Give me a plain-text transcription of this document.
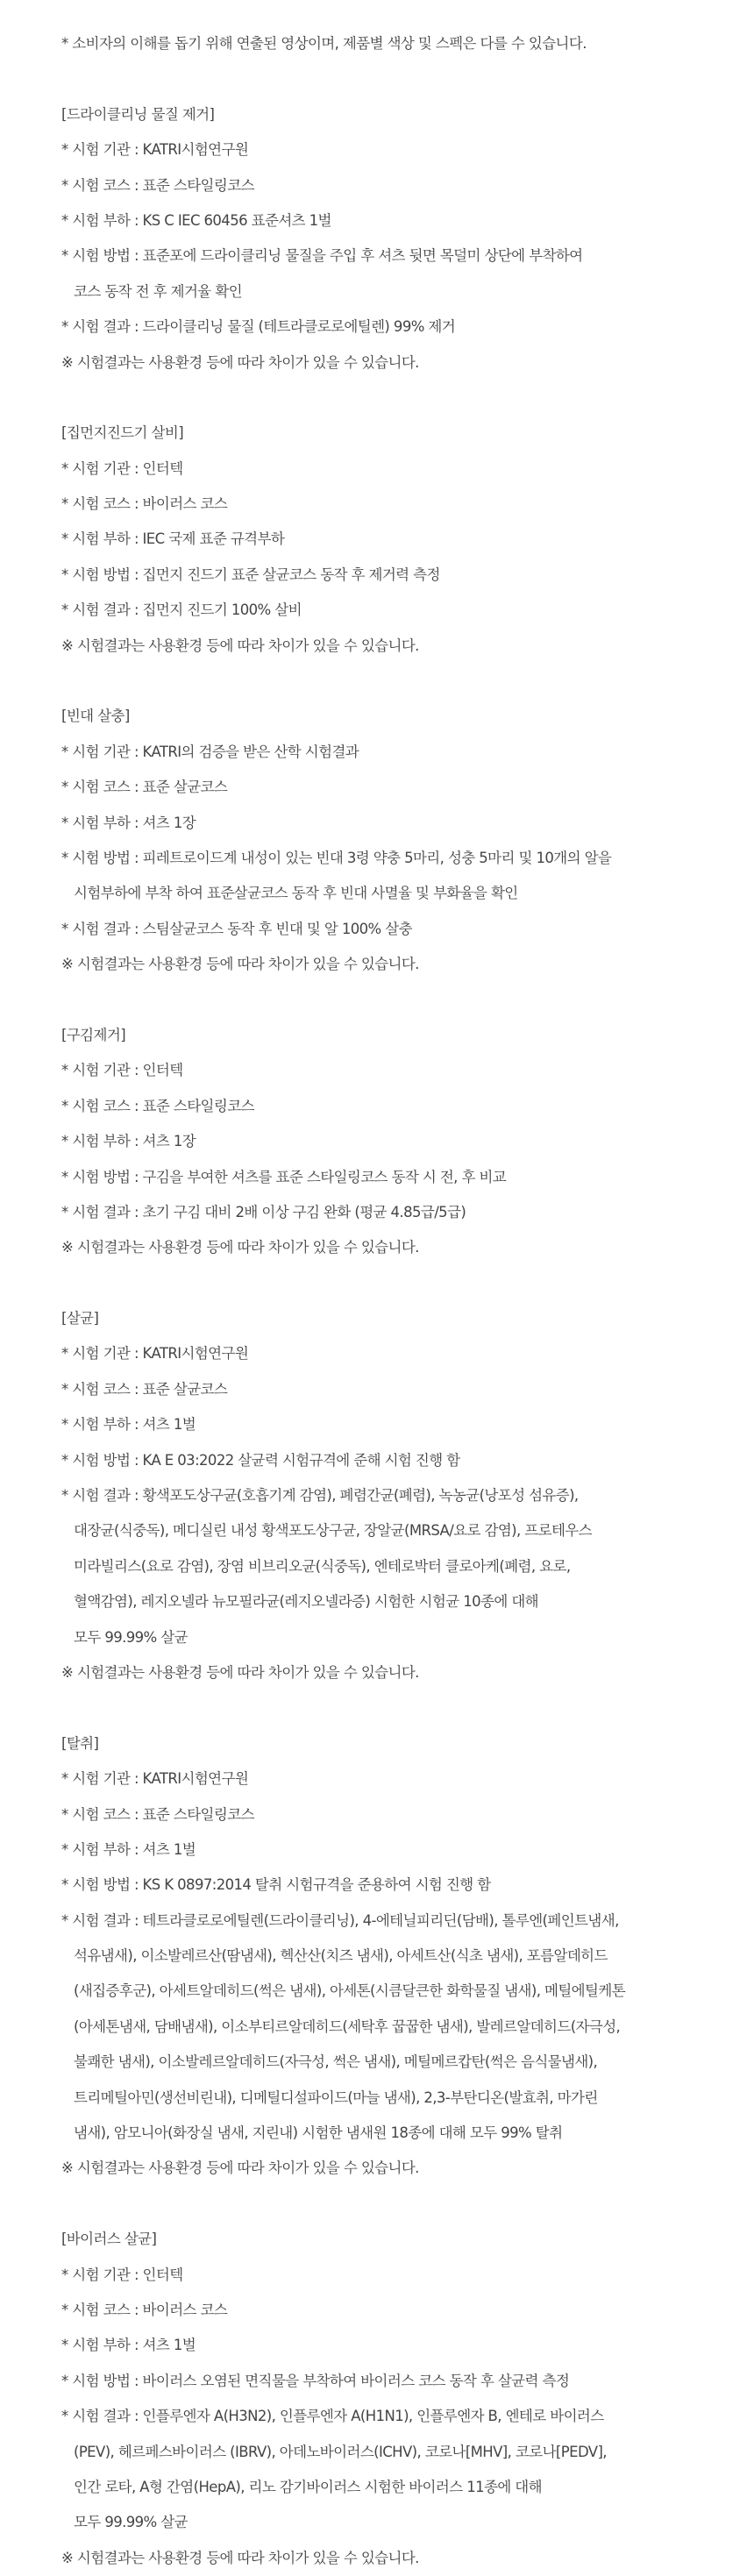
* 소비자의 이해를 돕기 위해 연출된 영상이며, 제품별 색상 및 스펙은 다를 수 있습니다.
[드라이클리닝 물질 제거]
* 시험 기관 : KATRI시험연구원
* 시험 코스 : 표준 스타일링코스
* 시험 부하 : KS C IEC 60456 표준셔츠 1벌
* 시험 방법 : 표준포에 드라이클리닝 물질을 주입 후 셔츠 뒷면 목덜미 상단에 부착하여
코스 동작 전 후 제거율 확인
* 시험 결과 : 드라이클리닝 물질 (테트라클로로에틸렌) 99% 제거
※ 시험결과는 사용환경 등에 따라 차이가 있을 수 있습니다.
[집먼지진드기 살비]
* 시험 기관 : 인터텍
* 시험 코스 : 바이러스 코스
* 시험 부하 : IEC 국제 표준 규격부하
* 시험 방법 : 집먼지 진드기 표준 살균코스 동작 후 제거력 측정
* 시험 결과 : 집먼지 진드기 100% 살비
※ 시험결과는 사용환경 등에 따라 차이가 있을 수 있습니다.
[빈대 살충]
* 시험 기관 : KATRI의 검증을 받은 산학 시험결과
* 시험 코스 : 표준 살균코스
* 시험 부하 : 셔츠 1장
* 시험 방법 : 피레트로이드계 내성이 있는 빈대 3령 약충 5마리, 성충 5마리 및 10개의 알을
시험부하에 부착 하여 표준살균코스 동작 후 빈대 사멸율 및 부화율을 확인
* 시험 결과 : 스팀살균코스 동작 후 빈대 및 알 100% 살충
※ 시험결과는 사용환경 등에 따라 차이가 있을 수 있습니다.
[구김제거]
* 시험 기관 : 인터텍
* 시험 코스 : 표준 스타일링코스
* 시험 부하 : 셔츠 1장
* 시험 방법 : 구김을 부여한 셔츠를 표준 스타일링코스 동작 시 전, 후 비교
* 시험 결과 : 초기 구김 대비 2배 이상 구김 완화 (평균 4.85급/5급)
※ 시험결과는 사용환경 등에 따라 차이가 있을 수 있습니다.
[살균]
* 시험 기관 : KATRI시험연구원
* 시험 코스 : 표준 살균코스
* 시험 부하 : 셔츠 1벌
* 시험 방법 : KA E 03:2022 살균력 시험규격에 준해 시험 진행 함
* 시험 결과 : 황색포도상구균(호흡기계 감염), 폐렴간균(폐렴), 녹농균(낭포성 섬유증),
대장균(식중독), 메디실린 내성 황색포도상구균, 장알균(MRSA/요로 감염), 프로테우스
미라빌리스(요로 감염), 장염 비브리오균(식중독), 엔테로박터 클로아케(폐렴, 요로,
혈액감염), 레지오넬라 뉴모필라균(레지오넬라증) 시험한 시험균 10종에 대해
모두 99.99% 살균
※ 시험결과는 사용환경 등에 따라 차이가 있을 수 있습니다.
[탈취]
* 시험 기관 : KATRI시험연구원
* 시험 코스 : 표준 스타일링코스
* 시험 부하 : 셔츠 1벌
* 시험 방법 : KS K 0897:2014 탈취 시험규격을 준용하여 시험 진행 함
* 시험 결과 : 테트라클로로에틸렌(드라이클리닝), 4-에테닐피리딘(담배), 톨루엔(페인트냄새,
석유냄새), 이소발레르산(땀냄새), 헥산산(치즈 냄새), 아세트산(식초 냄새), 포름알데히드
(새집증후군), 아세트알데히드(썩은 냄새), 아세톤(시큼달큰한 화학물질 냄새), 메틸에틸케톤
(아세톤냄새, 담배냄새), 이소부티르알데히드(세탁후 꿉꿉한 냄새), 발레르알데히드(자극성,
불쾌한 냄새), 이소발레르알데히드(자극성, 썩은 냄새), 메틸메르캅탄(썩은 음식물냄새),
트리메틸아민(생선비린내), 디메틸디설파이드(마늘 냄새), 2,3-부탄디온(발효취, 마가린
냄새), 암모니아(화장실 냄새, 지린내) 시험한 냄새원 18종에 대해 모두 99% 탈취
※ 시험결과는 사용환경 등에 따라 차이가 있을 수 있습니다.
[바이러스 살균]
* 시험 기관 : 인터텍
* 시험 코스 : 바이러스 코스
* 시험 부하 : 셔츠 1벌
* 시험 방법 : 바이러스 오염된 면직물을 부착하여 바이러스 코스 동작 후 살균력 측정
* 시험 결과 : 인플루엔자 A(H3N2), 인플루엔자 A(H1N1), 인플루엔자 B, 엔테로 바이러스
(PEV), 헤르페스바이러스 (IBRV), 아데노바이러스(ICHV), 코로나[MHV], 코로나[PEDV],
인간 로타, A형 간염(HepA), 리노 감기바이러스 시험한 바이러스 11종에 대해
모두 99.99% 살균
※ 시험결과는 사용환경 등에 따라 차이가 있을 수 있습니다.
